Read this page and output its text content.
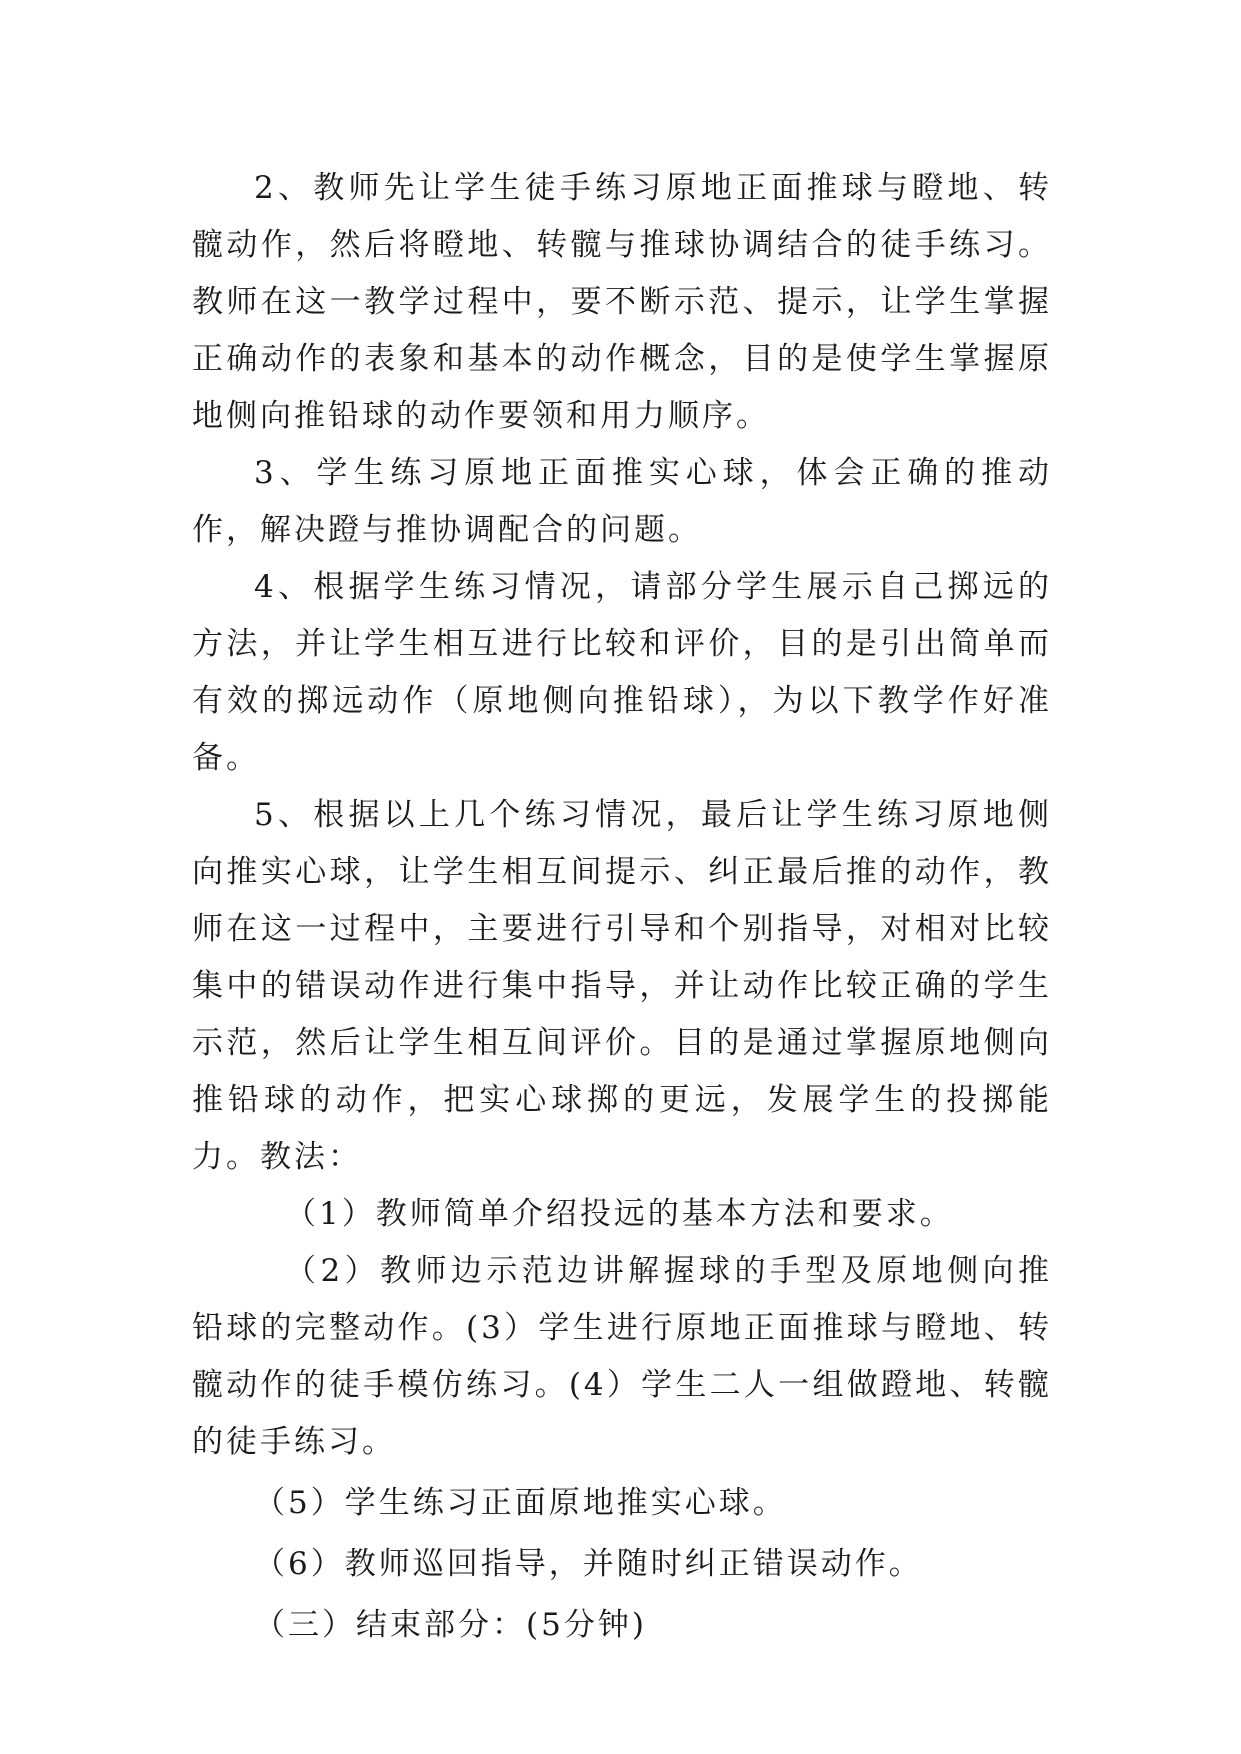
2、教师先让学生徒手练习原地正面推球与瞪地、转髋动作，然后将瞪地、转髋与推球协调结合的徒手练习。教师在这一教学过程中，要不断示范、提示，让学生掌握正确动作的表象和基本的动作概念，目的是使学生掌握原地侧向推铅球的动作要领和用力顺序。

3、学生练习原地正面推实心球，体会正确的推动作，解决蹬与推协调配合的问题。

4、根据学生练习情况，请部分学生展示自己掷远的方法，并让学生相互进行比较和评价，目的是引出简单而有效的掷远动作（原地侧向推铅球），为以下教学作好准备。

5、根据以上几个练习情况，最后让学生练习原地侧向推实心球，让学生相互间提示、纠正最后推的动作，教师在这一过程中，主要进行引导和个别指导，对相对比较集中的错误动作进行集中指导，并让动作比较正确的学生示范，然后让学生相互间评价。目的是通过掌握原地侧向推铅球的动作，把实心球掷的更远，发展学生的投掷能力。教法：

（1）教师简单介绍投远的基本方法和要求。

（2）教师边示范边讲解握球的手型及原地侧向推铅球的完整动作。(3）学生进行原地正面推球与瞪地、转髋动作的徒手模仿练习。(4）学生二人一组做蹬地、转髋的徒手练习。

（5）学生练习正面原地推实心球。

（6）教师巡回指导，并随时纠正错误动作。

（三）结束部分：(5分钟)
